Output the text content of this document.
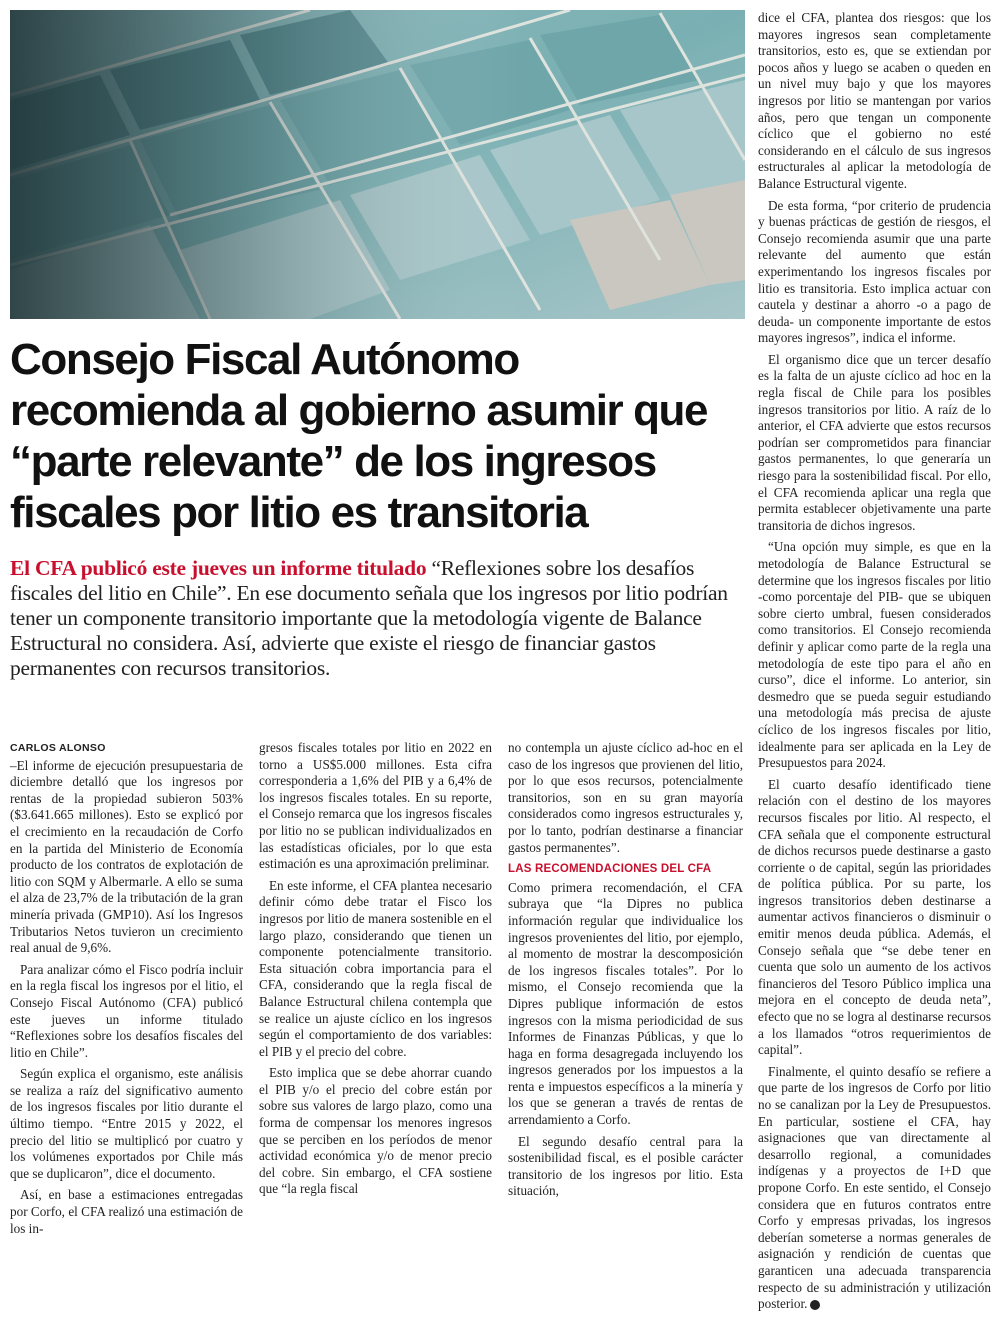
Consejo Fiscal Autónomo
recomienda al gobierno asumir que
“parte relevante” de los ingresos
fiscales por litio es transitoria

El CFA publicó este jueves un informe titulado “Reflexiones sobre los desafíos fiscales del litio en Chile”. En ese documento señala que los ingresos por litio podrían tener un componente transitorio importante que la metodología vigente de Balance Estructural no considera. Así, advierte que existe el riesgo de financiar gastos permanentes con recursos transitorios.

CARLOS ALONSO

–El informe de ejecución presupuestaria de diciembre detalló que los ingresos por rentas de la propiedad subieron 503% ($3.641.665 millones). Esto se explicó por el crecimiento en la recaudación de Corfo en la partida del Ministerio de Economía producto de los contratos de explotación de litio con SQM y Albermarle. A ello se suma el alza de 23,7% de la tributación de la gran minería privada (GMP10). Así los Ingresos Tributarios Netos tuvieron un crecimiento real anual de 9,6%.

Para analizar cómo el Fisco podría incluir en la regla fiscal los ingresos por el litio, el Consejo Fiscal Autónomo (CFA) publicó este jueves un informe titulado “Reflexiones sobre los desafíos fiscales del litio en Chile”.

Según explica el organismo, este análisis se realiza a raíz del significativo aumento de los ingresos fiscales por litio durante el último tiempo. “Entre 2015 y 2022, el precio del litio se multiplicó por cuatro y los volúmenes exportados por Chile más que se duplicaron”, dice el documento.

Así, en base a estimaciones entregadas por Corfo, el CFA realizó una estimación de los in-

gresos fiscales totales por litio en 2022 en torno a US$5.000 millones. Esta cifra corresponderia a 1,6% del PIB y a 6,4% de los ingresos fiscales totales. En su reporte, el Consejo remarca que los ingresos fiscales por litio no se publican individualizados en las estadísticas oficiales, por lo que esta estimación es una aproximación preliminar.

En este informe, el CFA plantea necesario definir cómo debe tratar el Fisco los ingresos por litio de manera sostenible en el largo plazo, considerando que tienen un componente potencialmente transitorio. Esta situación cobra importancia para el CFA, considerando que la regla fiscal de Balance Estructural chilena contempla que se realice un ajuste cíclico en los ingresos según el comportamiento de dos variables: el PIB y el precio del cobre.

Esto implica que se debe ahorrar cuando el PIB y/o el precio del cobre están por sobre sus valores de largo plazo, como una forma de compensar los menores ingresos que se perciben en los períodos de menor actividad económica y/o de menor precio del cobre. Sin embargo, el CFA sostiene que “la regla fiscal

no contempla un ajuste cíclico ad-hoc en el caso de los ingresos que provienen del litio, por lo que esos recursos, potencialmente transitorios, son en su gran mayoría considerados como ingresos estructurales y, por lo tanto, podrían destinarse a financiar gastos permanentes”.

LAS RECOMENDACIONES DEL CFA

Como primera recomendación, el CFA subraya que “la Dipres no publica información regular que individualice los ingresos provenientes del litio, por ejemplo, al momento de mostrar la descomposición de los ingresos fiscales totales”. Por lo mismo, el Consejo recomienda que la Dipres publique información de estos ingresos con la misma periodicidad de sus Informes de Finanzas Públicas, y que lo haga en forma desagregada incluyendo los ingresos generados por los impuestos a la renta e impuestos específicos a la minería y los que se generan a través de rentas de arrendamiento a Corfo.

El segundo desafío central para la sostenibilidad fiscal, es el posible carácter transitorio de los ingresos por litio. Esta situación,

dice el CFA, plantea dos riesgos: que los mayores ingresos sean completamente transitorios, esto es, que se extiendan por pocos años y luego se acaben o queden en un nivel muy bajo y que los mayores ingresos por litio se mantengan por varios años, pero que tengan un componente cíclico que el gobierno no esté considerando en el cálculo de sus ingresos estructurales al aplicar la metodología de Balance Estructural vigente.

De esta forma, “por criterio de prudencia y buenas prácticas de gestión de riesgos, el Consejo recomienda asumir que una parte relevante del aumento que están experimentando los ingresos fiscales por litio es transitoria. Esto implica actuar con cautela y destinar a ahorro -o a pago de deuda- un componente importante de estos mayores ingresos”, indica el informe.

El organismo dice que un tercer desafío es la falta de un ajuste cíclico ad hoc en la regla fiscal de Chile para los posibles ingresos transitorios por litio. A raíz de lo anterior, el CFA advierte que estos recursos podrían ser comprometidos para financiar gastos permanentes, lo que generaría un riesgo para la sostenibilidad fiscal. Por ello, el CFA recomienda aplicar una regla que permita establecer objetivamente una parte transitoria de dichos ingresos.

“Una opción muy simple, es que en la metodología de Balance Estructural se determine que los ingresos fiscales por litio -como porcentaje del PIB- que se ubiquen sobre cierto umbral, fuesen considerados como transitorios. El Consejo recomienda definir y aplicar como parte de la regla una metodología de este tipo para el año en curso”, dice el informe. Lo anterior, sin desmedro que se pueda seguir estudiando una metodología más precisa de ajuste cíclico de los ingresos fiscales por litio, idealmente para ser aplicada en la Ley de Presupuestos para 2024.

El cuarto desafío identificado tiene relación con el destino de los mayores recursos fiscales por litio. Al respecto, el CFA señala que el componente estructural de dichos recursos puede destinarse a gasto corriente o de capital, según las prioridades de política pública. Por su parte, los ingresos transitorios deben destinarse a aumentar activos financieros o disminuir o emitir menos deuda pública. Además, el Consejo señala que “se debe tener en cuenta que solo un aumento de los activos financieros del Tesoro Público implica una mejora en el concepto de deuda neta”, efecto que no se logra al destinarse recursos a los llamados “otros requerimientos de capital”.

Finalmente, el quinto desafío se refiere a que parte de los ingresos de Corfo por litio no se canalizan por la Ley de Presupuestos. En particular, sostiene el CFA, hay asignaciones que van directamente al desarrollo regional, a comunidades indígenas y a proyectos de I+D que propone Corfo. En este sentido, el Consejo considera que en futuros contratos entre Corfo y empresas privadas, los ingresos deberían someterse a normas generales de asignación y rendición de cuentas que garanticen una adecuada transparencia respecto de su administración y utilización posterior. P
